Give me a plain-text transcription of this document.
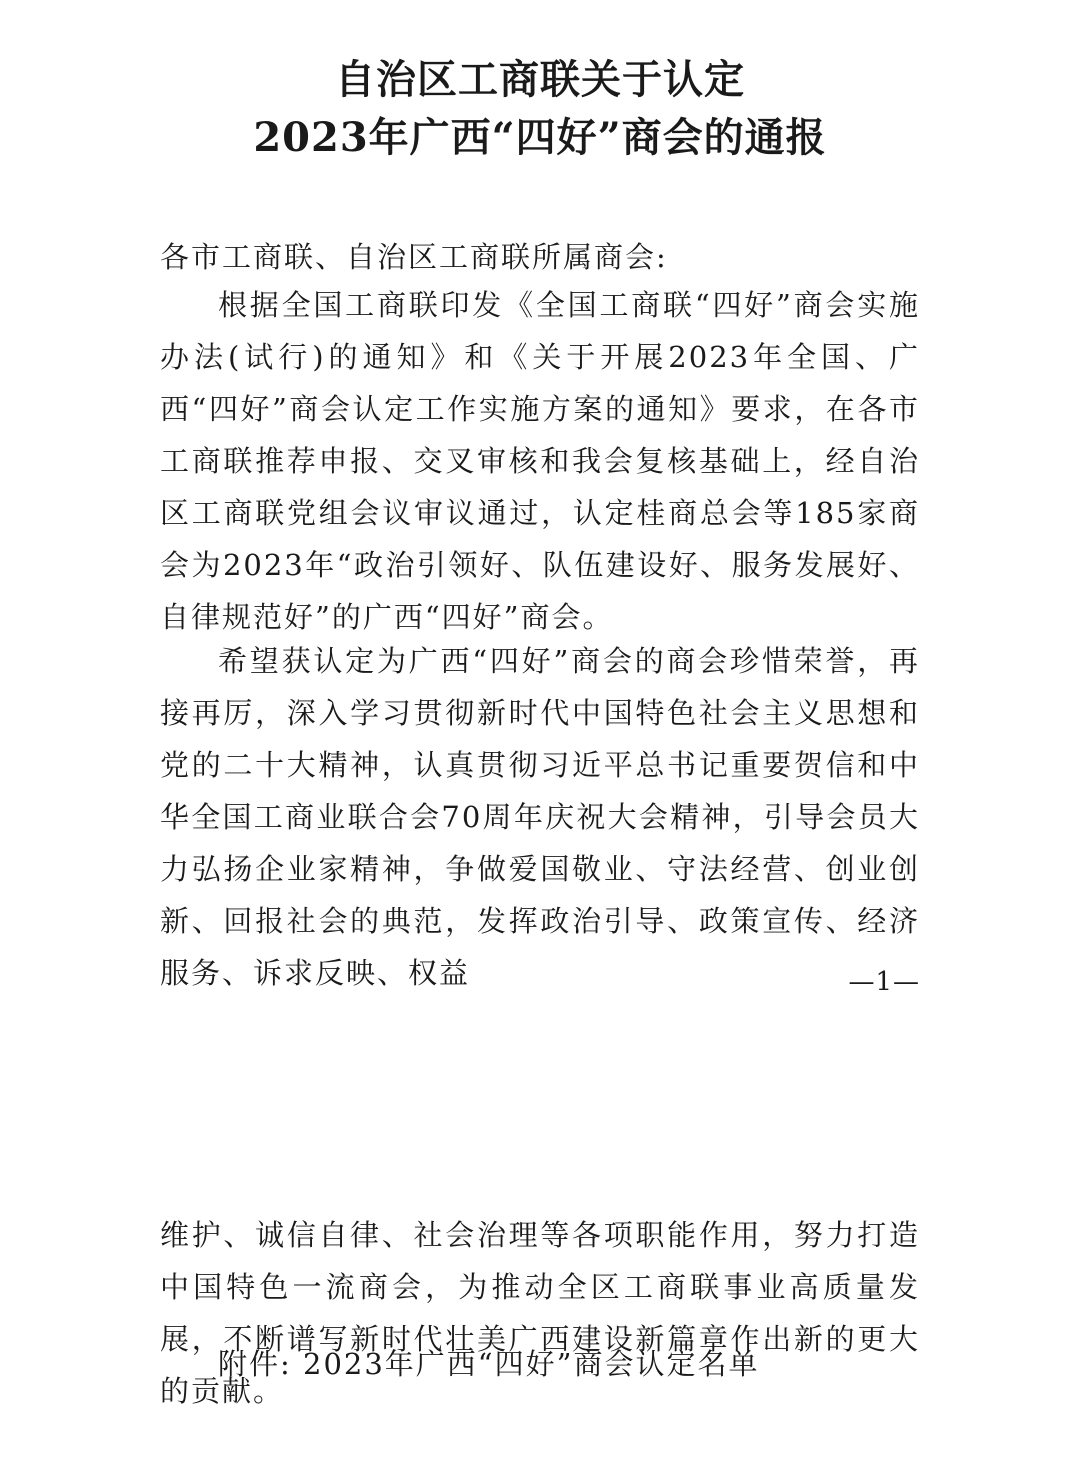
自治区工商联关于认定
2023年广西“四好”商会的通报
各市工商联、自治区工商联所属商会:
根据全国工商联印发《全国工商联“四好”商会实施办法(试行)的通知》和《关于开展2023年全国、广西“四好”商会认定工作实施方案的通知》要求，在各市工商联推荐申报、交叉审核和我会复核基础上，经自治区工商联党组会议审议通过，认定桂商总会等185家商会为2023年“政治引领好、队伍建设好、服务发展好、自律规范好”的广西“四好”商会。
希望获认定为广西“四好”商会的商会珍惜荣誉，再接再厉，深入学习贯彻新时代中国特色社会主义思想和党的二十大精神，认真贯彻习近平总书记重要贺信和中华全国工商业联合会70周年庆祝大会精神，引导会员大力弘扬企业家精神，争做爱国敬业、守法经营、创业创新、回报社会的典范，发挥政治引导、政策宣传、经济服务、诉求反映、权益	—1—
维护、诚信自律、社会治理等各项职能作用，努力打造中国特色一流商会，为推动全区工商联事业高质量发展，不断谱写新时代壮美广西建设新篇章作出新的更大的贡献。
附件: 2023年广西“四好”商会认定名单
